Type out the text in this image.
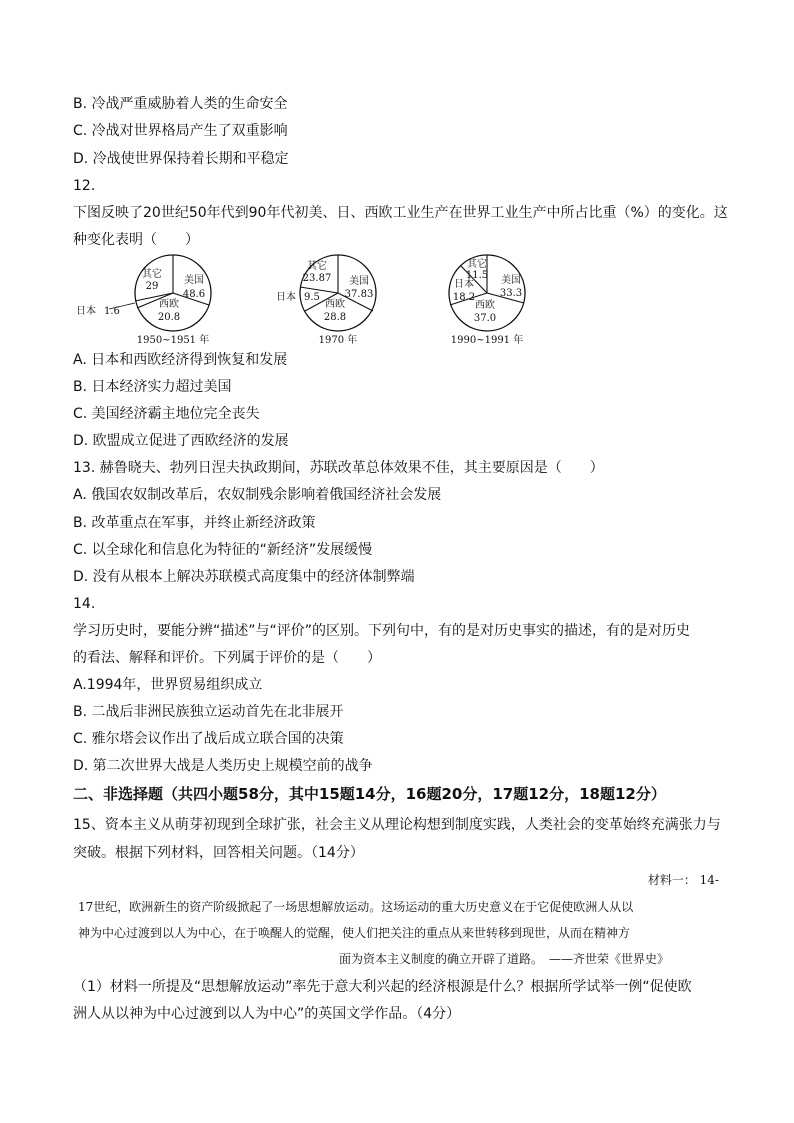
B. 冷战严重威胁着人类的生命安全
C. 冷战对世界格局产生了双重影响
D. 冷战使世界保持着长期和平稳定
12.
下图反映了20世纪50年代到90年代初美、日、西欧工业生产在世界工业生产中所占比重（%）的变化。这
种变化表明（　　）
其它
29
美国
48.6
西欧
20.8
日本 1.6
1950~1951 年
其它
23.87 美国
37.83
西欧
28.8
日本 9.5
1970 年
其它
11.5 美国
33.3
西欧
37.0
日本
18.2
1990~1991 年
A. 日本和西欧经济得到恢复和发展
B. 日本经济实力超过美国
C. 美国经济霸主地位完全丧失
D. 欧盟成立促进了西欧经济的发展
13. 赫鲁晓夫、勃列日涅夫执政期间，苏联改革总体效果不佳，其主要原因是（　　）
A. 俄国农奴制改革后，农奴制残余影响着俄国经济社会发展
B. 改革重点在军事，并终止新经济政策
C. 以全球化和信息化为特征的“新经济”发展缓慢
D. 没有从根本上解决苏联模式高度集中的经济体制弊端
14.
学习历史时，要能分辨“描述”与“评价”的区别。下列句中，有的是对历史事实的描述，有的是对历史
的看法、解释和评价。下列属于评价的是（　　）
A.1994年，世界贸易组织成立
B. 二战后非洲民族独立运动首先在北非展开
C. 雅尔塔会议作出了战后成立联合国的决策
D. 第二次世界大战是人类历史上规模空前的战争
二、非选择题（共四小题58分，其中15题14分，16题20分，17题12分，18题12分）
15、资本主义从萌芽初现到全球扩张，社会主义从理论构想到制度实践，人类社会的变革始终充满张力与
突破。根据下列材料，回答相关问题。（14分）
材料一： 14-
17世纪，欧洲新生的资产阶级掀起了一场思想解放运动。这场运动的重大历史意义在于它促使欧洲人从以
神为中心过渡到以人为中心，在于唤醒人的觉醒，使人们把关注的重点从来世转移到现世，从而在精神方
面为资本主义制度的确立开辟了道路。　——齐世荣《世界史》
（1）材料一所提及“思想解放运动”率先于意大利兴起的经济根源是什么？根据所学试举一例“促使欧
洲人从以神为中心过渡到以人为中心”的英国文学作品。（4分）
